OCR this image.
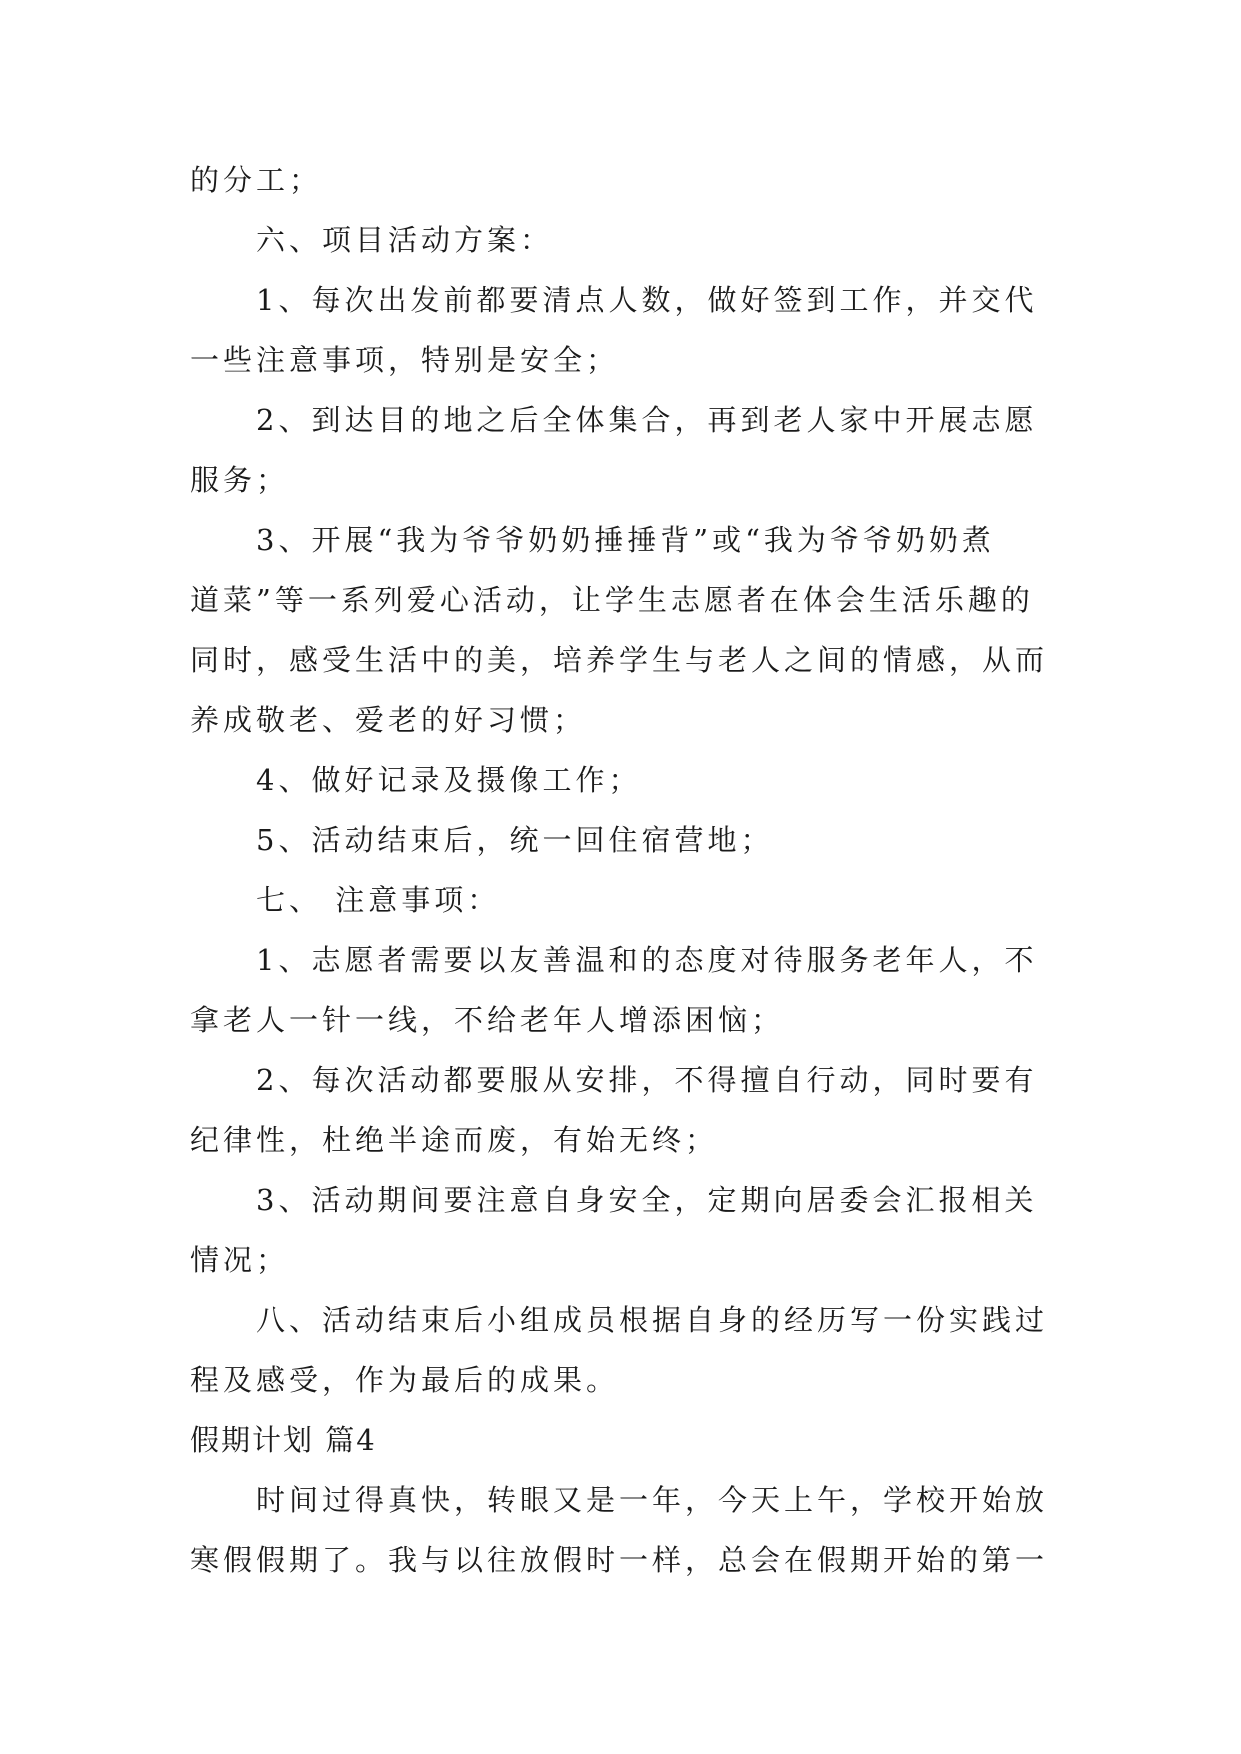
的分工；
六、项目活动方案：
1、每次出发前都要清点人数，做好签到工作，并交代
一些注意事项，特别是安全；
2、到达目的地之后全体集合，再到老人家中开展志愿
服务；
3、开展“我为爷爷奶奶捶捶背”或“我为爷爷奶奶煮
道菜”等一系列爱心活动，让学生志愿者在体会生活乐趣的
同时，感受生活中的美，培养学生与老人之间的情感，从而
养成敬老、爱老的好习惯；
4、做好记录及摄像工作；
5、活动结束后，统一回住宿营地；
七、 注意事项：
1、志愿者需要以友善温和的态度对待服务老年人，不
拿老人一针一线，不给老年人增添困恼；
2、每次活动都要服从安排，不得擅自行动，同时要有
纪律性，杜绝半途而废，有始无终；
3、活动期间要注意自身安全，定期向居委会汇报相关
情况；
八、活动结束后小组成员根据自身的经历写一份实践过
程及感受，作为最后的成果。
假期计划 篇4
时间过得真快，转眼又是一年，今天上午，学校开始放
寒假假期了。我与以往放假时一样，总会在假期开始的第一
